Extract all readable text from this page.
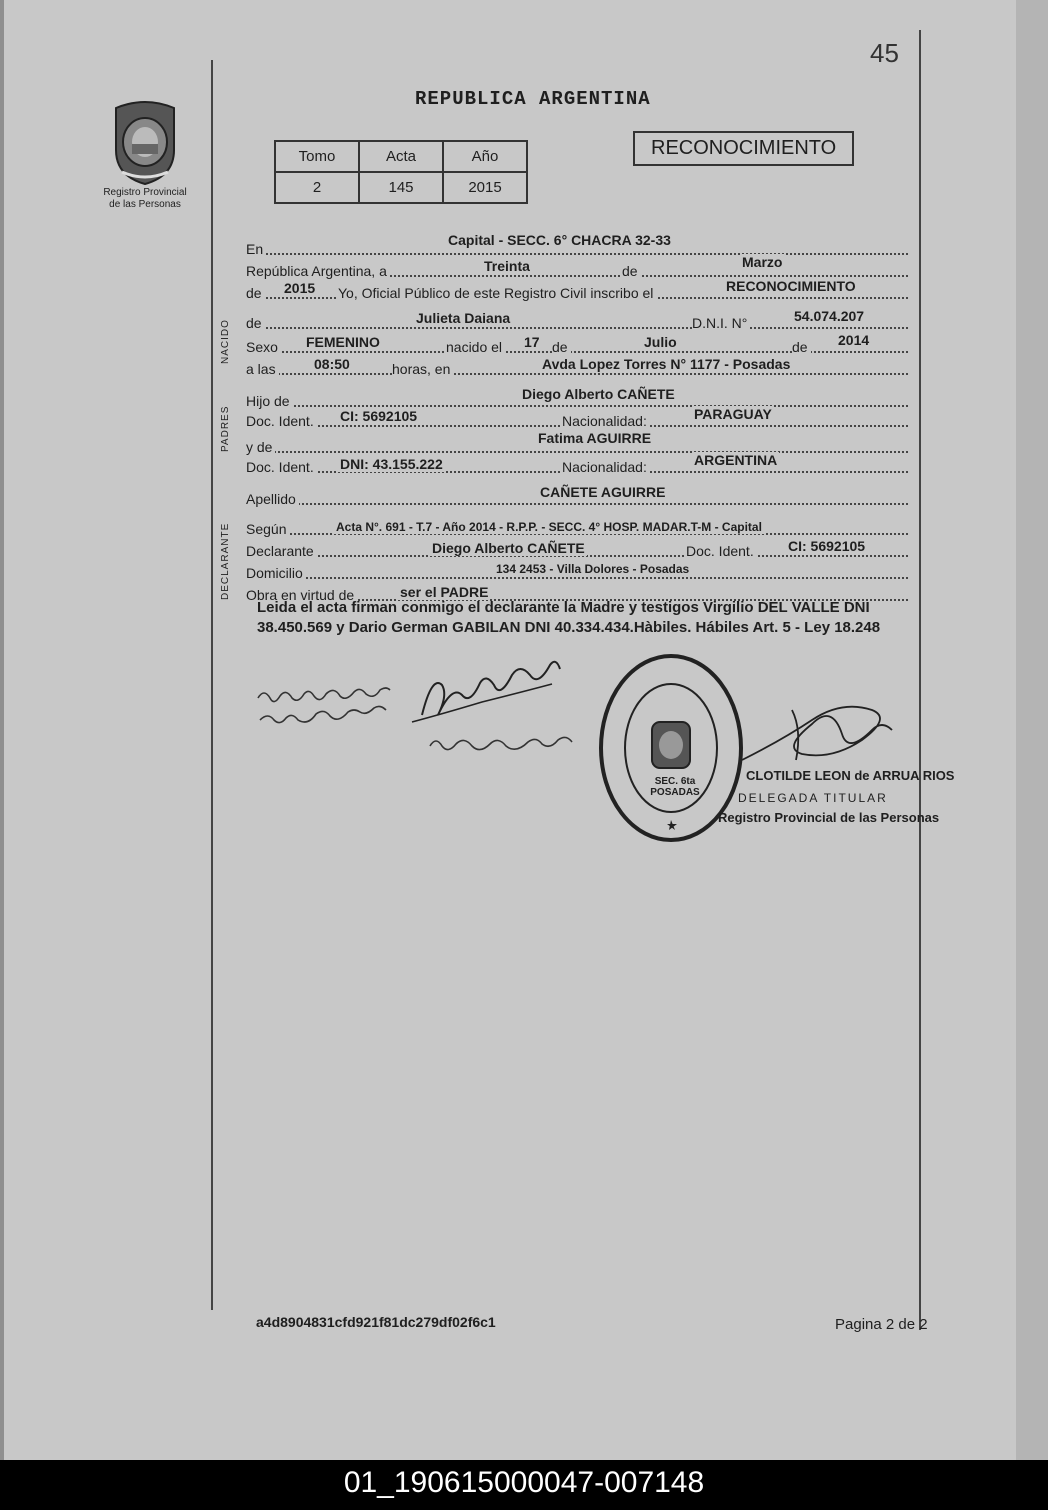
45
Registro Provincial
de las Personas
REPUBLICA ARGENTINA
Tomo	Acta	Año
2	145	2015
RECONOCIMIENTO
En
Capital - SECC. 6° CHACRA 32-33
República Argentina, a	Treinta	de
Marzo
de 2015 Yo, Oficial Público de este Registro Civil inscribo el	RECONOCIMIENTO
de	Julieta Daiana	D.N.I. N°	54.074.207
Sexo FEMENINO	nacido el 17 de	Julio	de 2014
a las	08:50	horas, en	Avda Lopez Torres N° 1177 - Posadas
Hijo de	Diego Alberto CAÑETE
Doc. Ident. CI: 5692105	Nacionalidad:	PARAGUAY
y de
Fatima AGUIRRE
Doc. Ident. DNI: 43.155.222	Nacionalidad:	ARGENTINA
Apellido	CAÑETE AGUIRRE
Según	Acta N°. 691 - T.7 - Año 2014 - R.P.P. - SECC. 4° HOSP. MADAR.T-M - Capital
Declarante	Diego Alberto CAÑETE	Doc. Ident. CI: 5692105
Domicilio	134 2453 - Villa Dolores - Posadas
Obra en virtud de	ser el PADRE
NACIDO
PADRES
DECLARANTE
Leida el acta firman conmigo el declarante la Madre y testigos Virgilio DEL VALLE DNI 38.450.569 y Dario German GABILAN DNI 40.334.434.Hàbiles. Hábiles Art. 5 - Ley 18.248
SEC. 6ta POSADAS
CLOTILDE LEON de ARRUA RIOS
DELEGADA TITULAR
Registro Provincial de las Personas
a4d8904831cfd921f81dc279df02f6c1	Pagina 2 de 2
01_190615000047-007148
